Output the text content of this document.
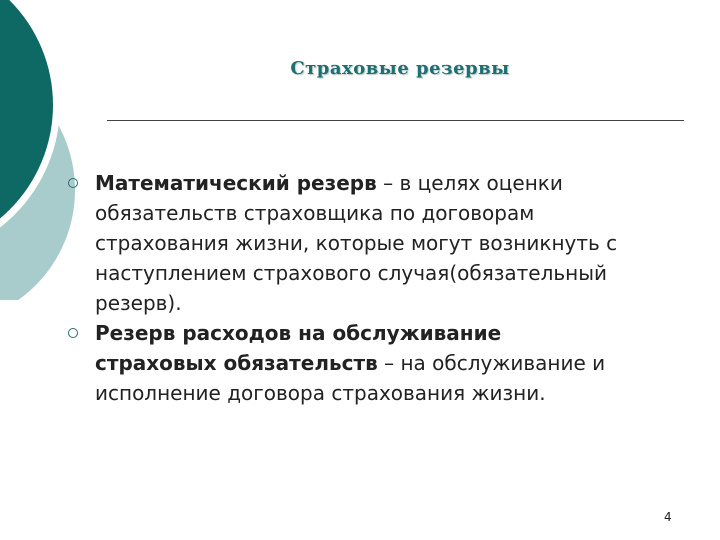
Страховые резервы
Математический резерв – в целях оценки обязательств страховщика по договорам страхования жизни, которые могут возникнуть с наступлением страхового случая(обязательный резерв).
Резерв расходов на обслуживание страховых обязательств – на обслуживание и исполнение договора страхования жизни.
4
